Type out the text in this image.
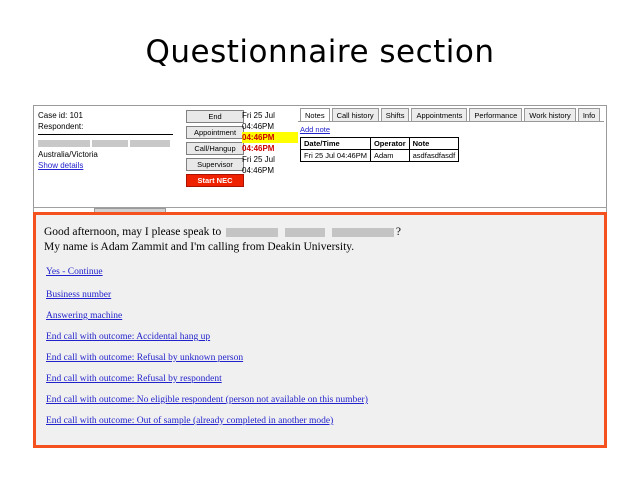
Questionnaire section
Case id: 101
Respondent:

Australia/Victoria
Show details
End
Appointment
Call/Hangup
Supervisor
Start NEC
Fri 25 Jul
04:46PM
04:46PM
04:46PM
Fri 25 Jul
04:46PM
Notes	Call history	Shifts	Appointments	Performance	Work history	Info
Add note
Date/Time	Operator	Note
Fri 25 Jul 04:46PM	Adam	asdfasdfasdf
Good afternoon, may I please speak to	?
My name is Adam Zammit and I'm calling from Deakin University.
Yes - Continue
Business number
Answering machine
End call with outcome: Accidental hang up
End call with outcome: Refusal by unknown person
End call with outcome: Refusal by respondent
End call with outcome: No eligible respondent (person not available on this number)
End call with outcome: Out of sample (already completed in another mode)
